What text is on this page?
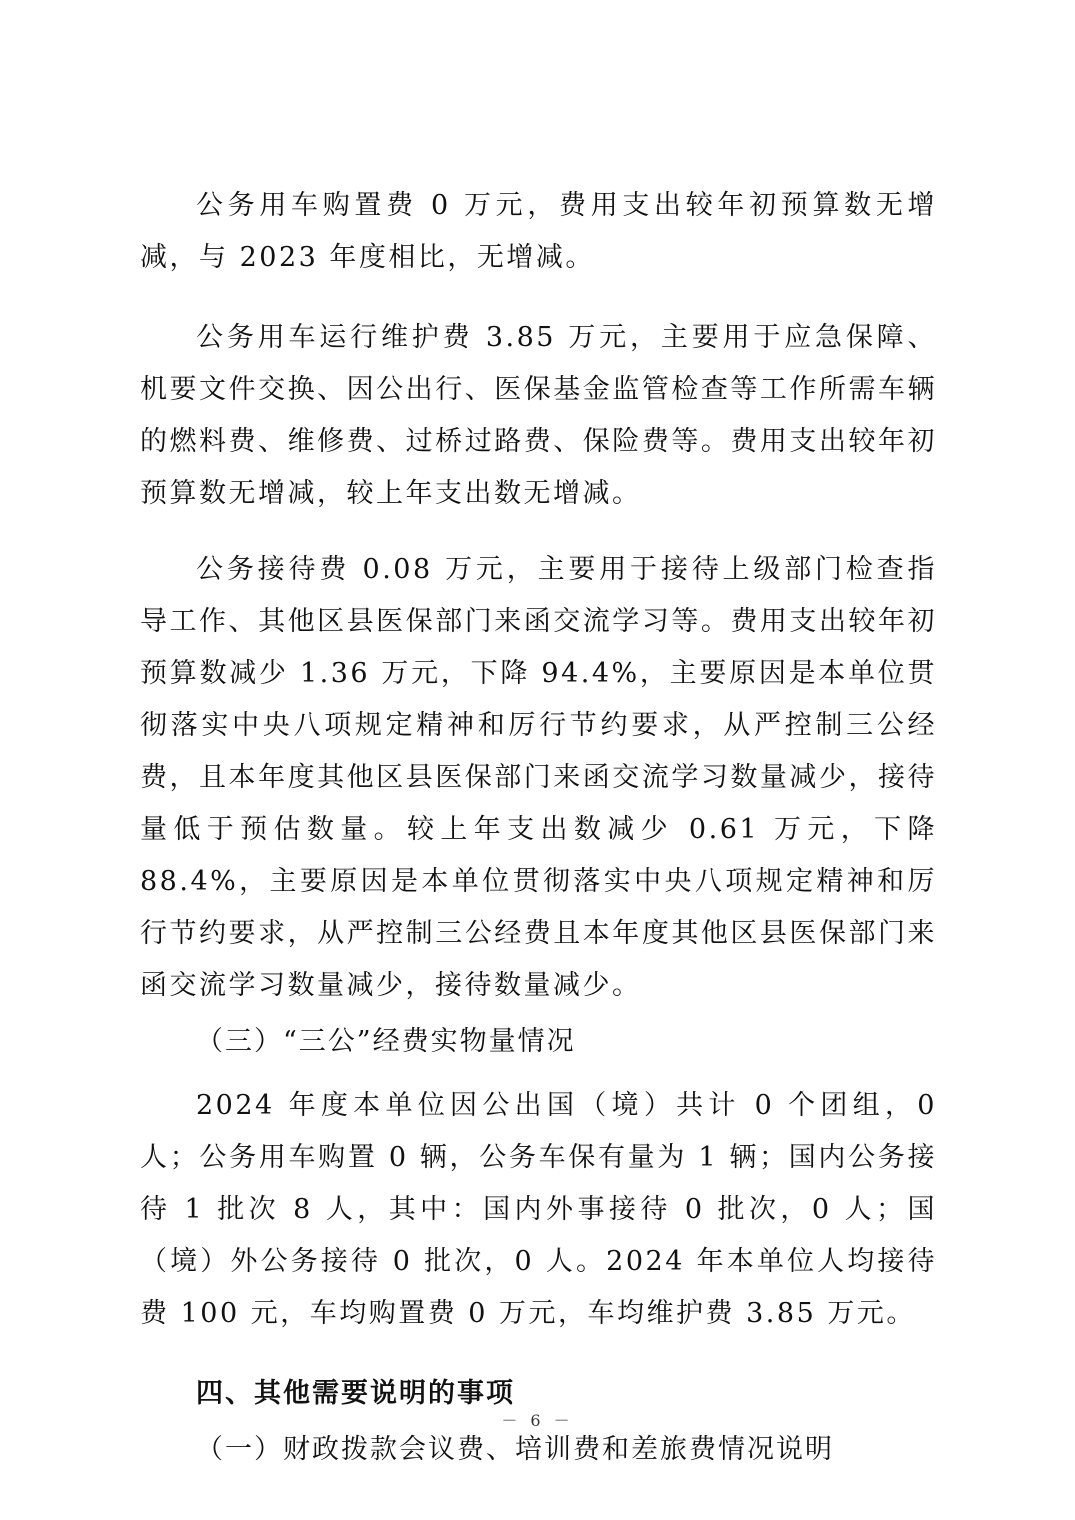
公务用车购置费 0 万元，费用支出较年初预算数无增减，与 2023 年度相比，无增减。

公务用车运行维护费 3.85 万元，主要用于应急保障、机要文件交换、因公出行、医保基金监管检查等工作所需车辆的燃料费、维修费、过桥过路费、保险费等。费用支出较年初预算数无增减，较上年支出数无增减。

公务接待费 0.08 万元，主要用于接待上级部门检查指导工作、其他区县医保部门来函交流学习等。费用支出较年初预算数减少 1.36 万元，下降 94.4%，主要原因是本单位贯彻落实中央八项规定精神和厉行节约要求，从严控制三公经费，且本年度其他区县医保部门来函交流学习数量减少，接待量低于预估数量。较上年支出数减少 0.61 万元，下降 88.4%，主要原因是本单位贯彻落实中央八项规定精神和厉行节约要求，从严控制三公经费且本年度其他区县医保部门来函交流学习数量减少，接待数量减少。

（三）“三公”经费实物量情况

2024 年度本单位因公出国（境）共计 0 个团组，0 人；公务用车购置 0 辆，公务车保有量为 1 辆；国内公务接待 1 批次 8 人，其中：国内外事接待 0 批次，0 人；国（境）外公务接待 0 批次，0 人。2024 年本单位人均接待费 100 元，车均购置费 0 万元，车均维护费 3.85 万元。

四、其他需要说明的事项
（一）财政拨款会议费、培训费和差旅费情况说明
－ 6 －
